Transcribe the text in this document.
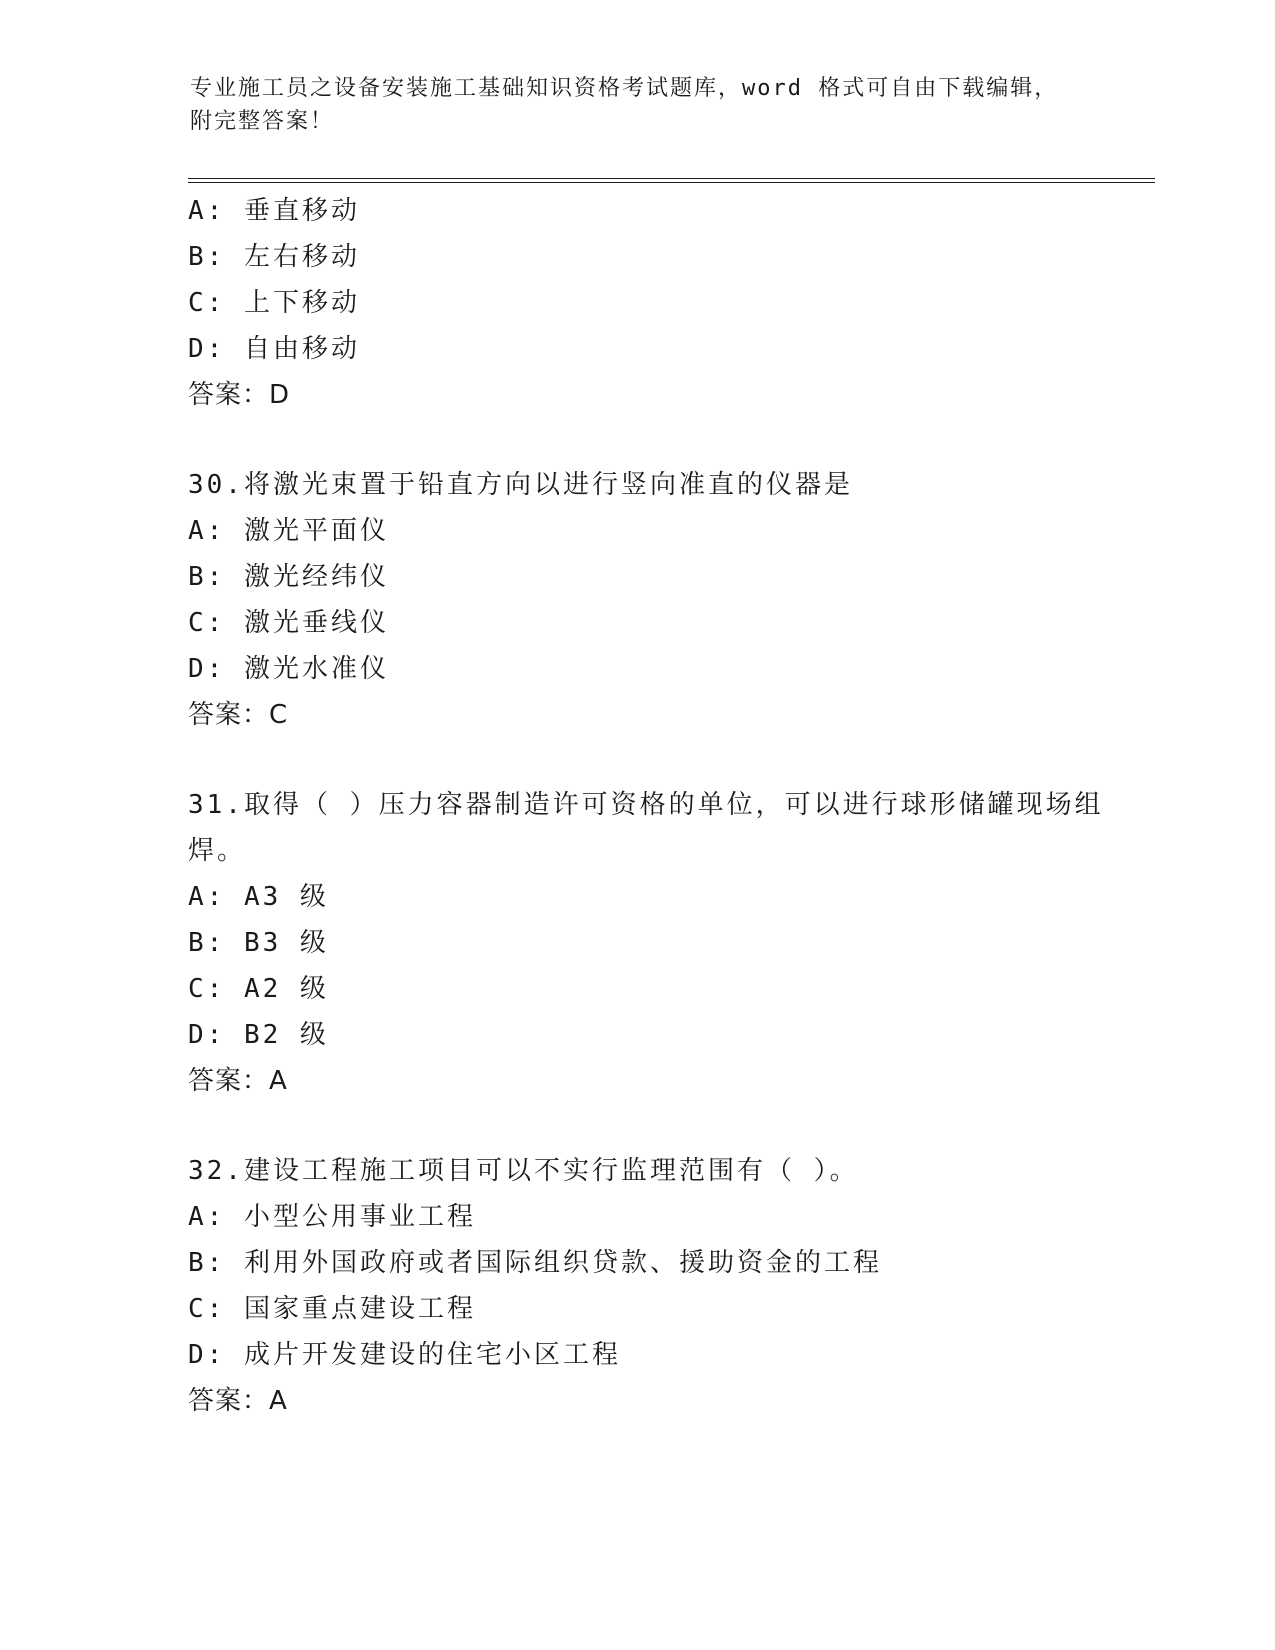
专业施工员之设备安装施工基础知识资格考试题库，word 格式可自由下载编辑，附完整答案！
A: 垂直移动
B: 左右移动
C: 上下移动
D: 自由移动
答案：D
30.将激光束置于铅直方向以进行竖向准直的仪器是
A: 激光平面仪
B: 激光经纬仪
C: 激光垂线仪
D: 激光水准仪
答案：C
31.取得（ ）压力容器制造许可资格的单位，可以进行球形储罐现场组焊。
A: A3 级
B: B3 级
C: A2 级
D: B2 级
答案：A
32.建设工程施工项目可以不实行监理范围有（ ）。
A: 小型公用事业工程
B: 利用外国政府或者国际组织贷款、援助资金的工程
C: 国家重点建设工程
D: 成片开发建设的住宅小区工程
答案：A
